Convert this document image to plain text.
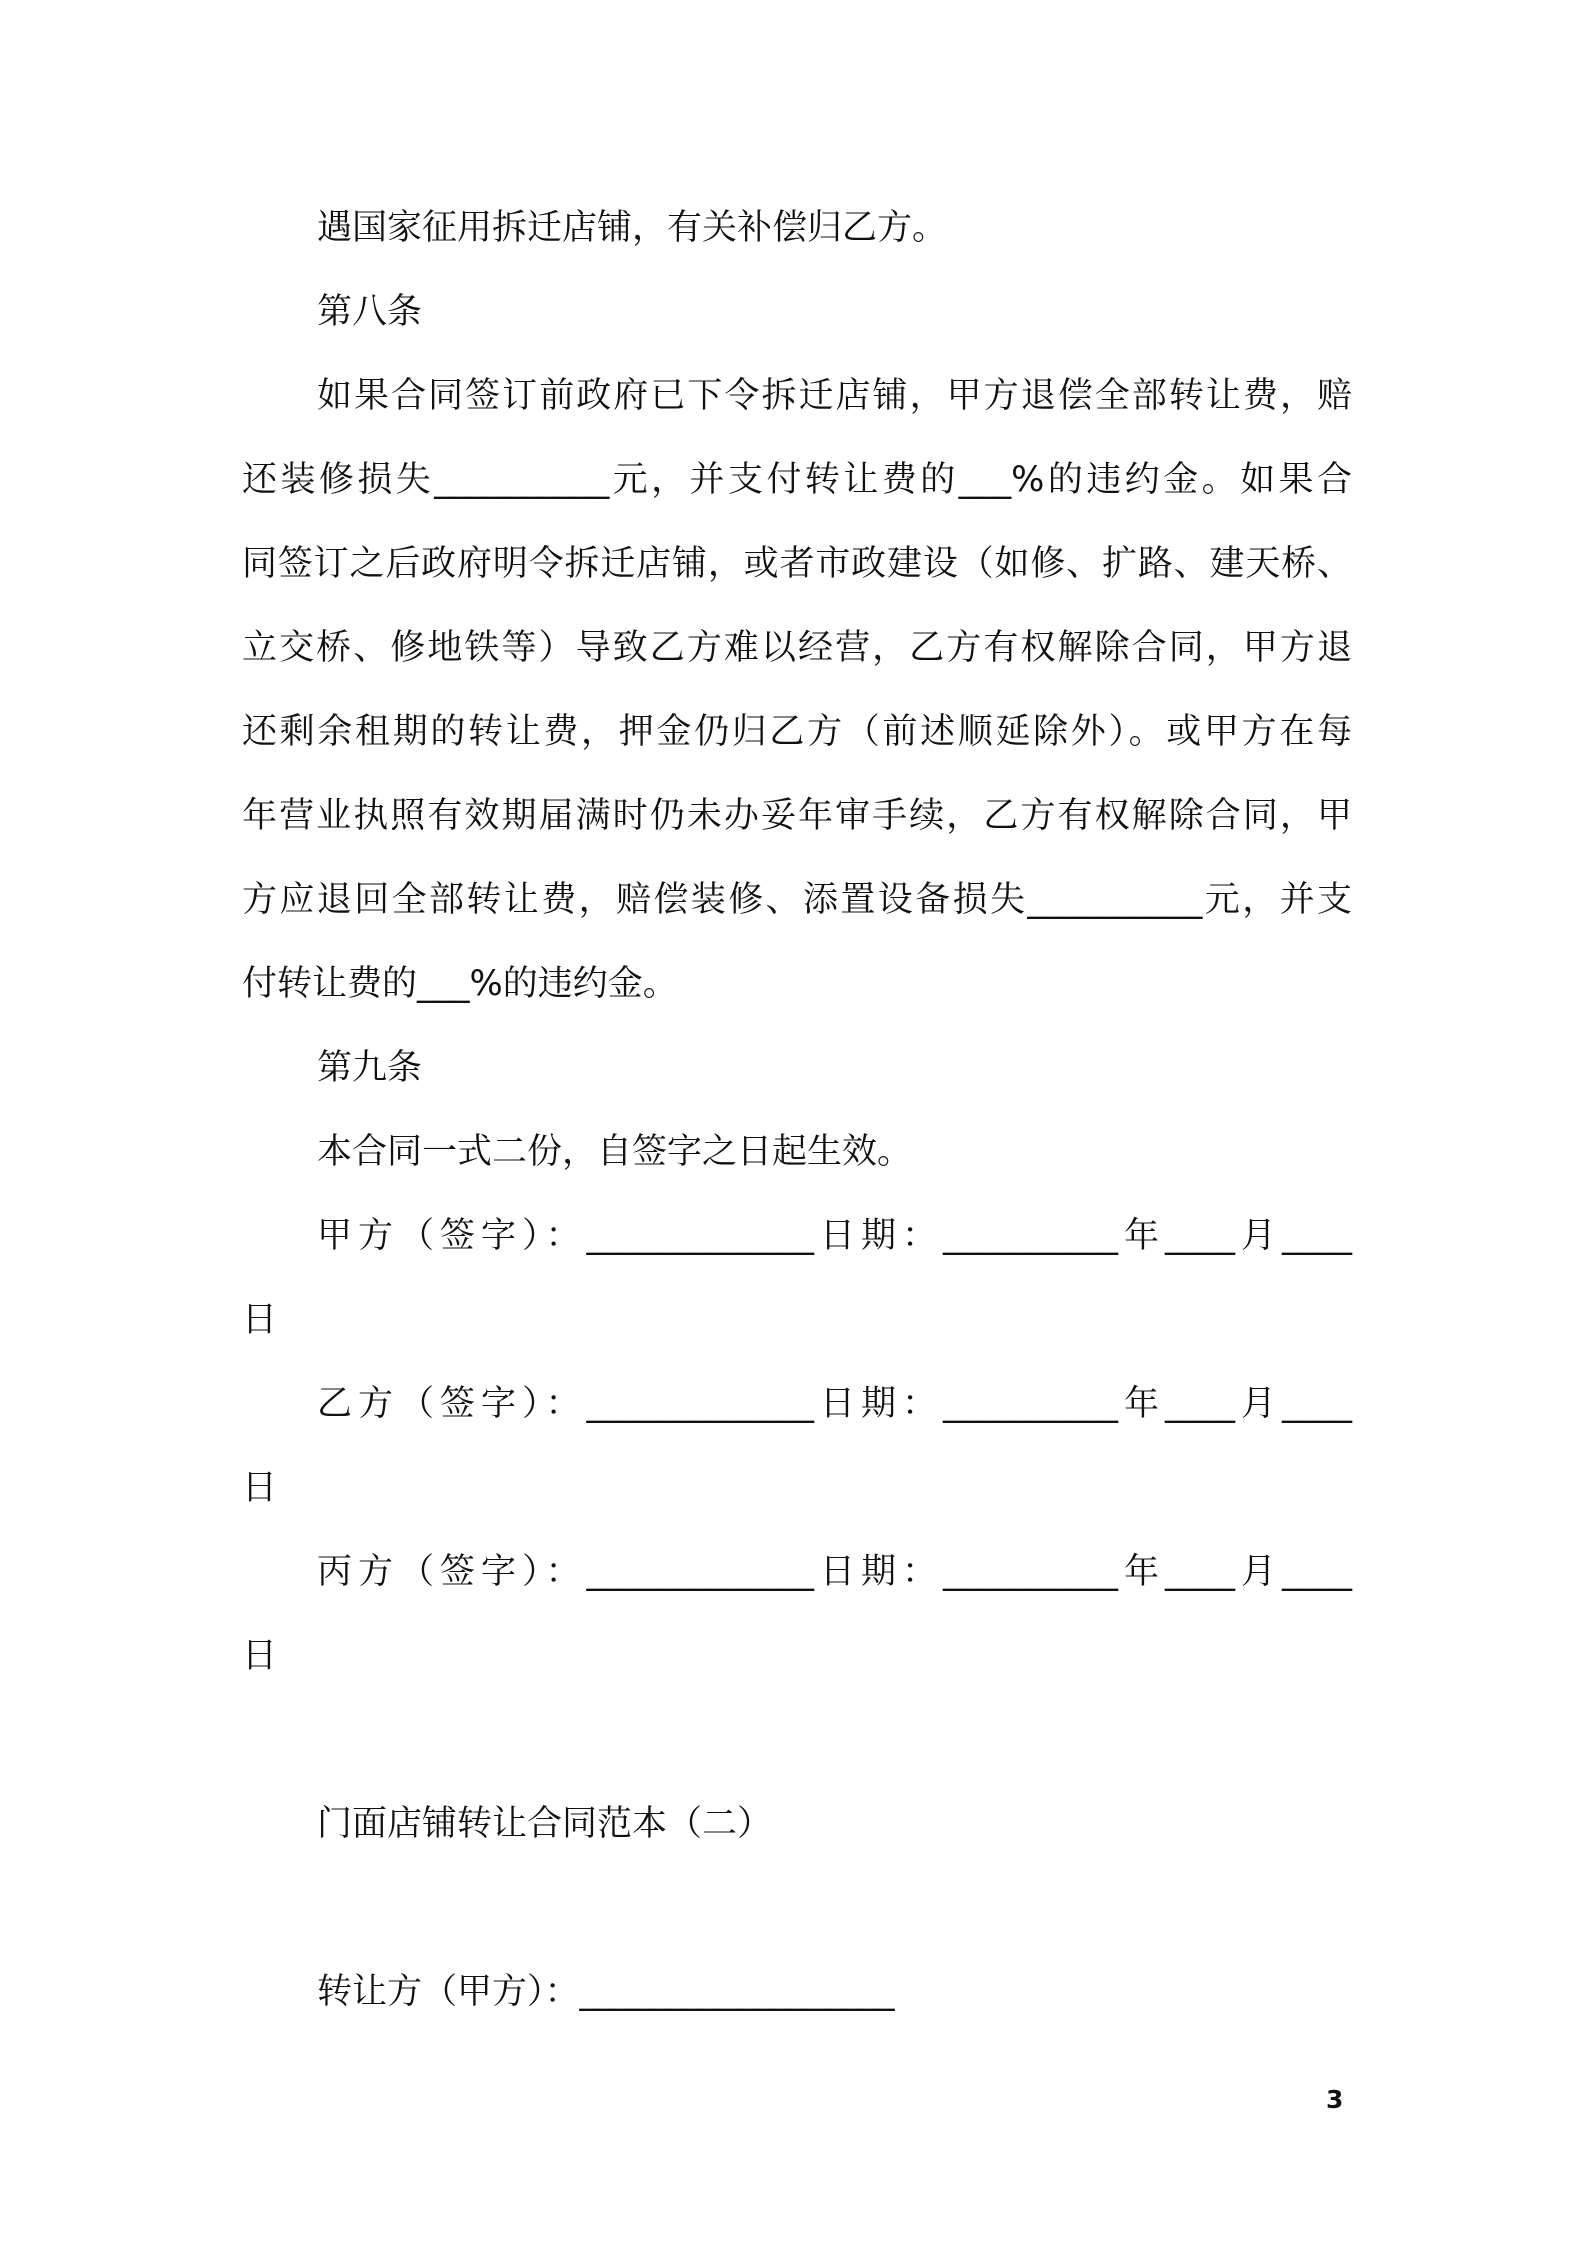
遇国家征用拆迁店铺，有关补偿归乙方。

第八条

如果合同签订前政府已下令拆迁店铺，甲方退偿全部转让费，赔

还装修损失__________元，并支付转让费的___%的违约金。如果合

同签订之后政府明令拆迁店铺，或者市政建设（如修、扩路、建天桥、

立交桥、修地铁等）导致乙方难以经营，乙方有权解除合同，甲方退

还剩余租期的转让费，押金仍归乙方（前述顺延除外）。或甲方在每

年营业执照有效期届满时仍未办妥年审手续，乙方有权解除合同，甲

方应退回全部转让费，赔偿装修、添置设备损失__________元，并支

付转让费的___%的违约金。

第九条

本合同一式二份，自签字之日起生效。

甲方（签字）：_____________日期：__________年____月____

日

乙方（签字）：_____________日期：__________年____月____

日

丙方（签字）：_____________日期：__________年____月____

日

门面店铺转让合同范本（二）

转让方（甲方）：__________________

3
